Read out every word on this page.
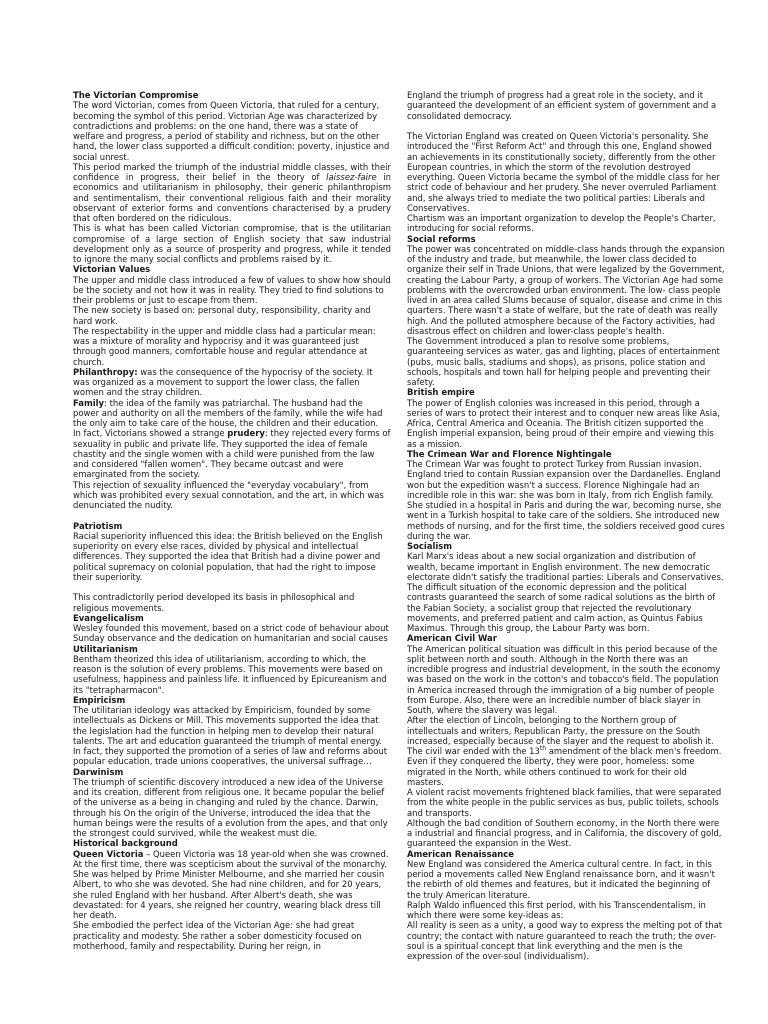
The Victorian Compromise

The word Victorian, comes from Queen Victoria, that ruled for a century, becoming the symbol of this period. Victorian Age was characterized by contradictions and problems: on the one hand, there was a state of welfare and progress, a period of stability and richness, but on the other hand, the lower class supported a difficult condition: poverty, injustice and social unrest.

This period marked the triumph of the industrial middle classes, with their confidence in progress, their belief in the theory of laissez-faire in economics and utilitarianism in philosophy, their generic philanthropism and sentimentalism, their conventional religious faith and their morality observant of exterior forms and conventions characterised by a prudery that often bordered on the ridiculous.

This is what has been called Victorian compromise, that is the utilitarian compromise of a large section of English society that saw industrial development only as a source of prosperity and progress, while it tended to ignore the many social conflicts and problems raised by it.

Victorian Values

The upper and middle class introduced a few of values to show how should be the society and not how it was in reality. They tried to find solutions to their problems or just to escape from them.

The new society is based on: personal duty, responsibility, charity and hard work.

The respectability in the upper and middle class had a particular mean: was a mixture of morality and hypocrisy and it was guaranteed just through good manners, comfortable house and regular attendance at church.

Philanthropy: was the consequence of the hypocrisy of the society. It was organized as a movement to support the lower class, the fallen women and the stray children.

Family: the idea of the family was patriarchal. The husband had the power and authority on all the members of the family, while the wife had the only aim to take care of the house, the children and their education.

In fact, Victorians showed a strange prudery: they rejected every forms of sexuality in public and private life. They supported the idea of female chastity and the single women with a child were punished from the law and considered "fallen women". They became outcast and were emarginated from the society.

This rejection of sexuality influenced the "everyday vocabulary", from which was prohibited every sexual connotation, and the art, in which was denunciated the nudity.

Patriotism

Racial superiority influenced this idea: the British believed on the English superiority on every else races, divided by physical and intellectual differences. They supported the idea that British had a divine power and political supremacy on colonial population, that had the right to impose their superiority.

This contradictorily period developed its basis in philosophical and religious movements.

Evangelicalism

Wesley founded this movement, based on a strict code of behaviour about Sunday observance and the dedication on humanitarian and social causes

Utilitarianism

Bentham theorized this idea of utilitarianism, according to which, the reason is the solution of every problems. This movements were based on usefulness, happiness and painless life. It influenced by Epicureanism and its "tetrapharmacon".

Empiricism

The utilitarian ideology was attacked by Empiricism, founded by some intellectuals as Dickens or Mill. This movements supported the idea that the legislation had the function in helping men to develop their natural talents. The art and education guaranteed the triumph of mental energy. In fact, they supported the promotion of a series of law and reforms about popular education, trade unions cooperatives, the universal suffrage…

Darwinism

The triumph of scientific discovery introduced a new idea of the Universe and its creation, different from religious one. It became popular the belief of the universe as a being in changing and ruled by the chance. Darwin, through his On the origin of the Universe, introduced the idea that the human beings were the results of a evolution from the apes, and that only the strongest could survived, while the weakest must die.

Historical background

Queen Victoria – Queen Victoria was 18 year-old when she was crowned. At the first time, there was scepticism about the survival of the monarchy. She was helped by Prime Minister Melbourne, and she married her cousin Albert, to who she was devoted. She had nine children, and for 20 years, she ruled England with her husband. After Albert's death, she was devastated: for 4 years, she reigned her country, wearing black dress till her death.

She embodied the perfect idea of the Victorian Age: she had great practicality and modesty. She rather a sober domesticity focused on motherhood, family and respectability. During her reign, in

England the triumph of progress had a great role in the society, and it guaranteed the development of an efficient system of government and a consolidated democracy.

The Victorian England was created on Queen Victoria's personality. She introduced the "First Reform Act" and through this one, England showed an achievements in its constitutionally society, differently from the other European countries, in which the storm of the revolution destroyed everything. Queen Victoria became the symbol of the middle class for her strict code of behaviour and her prudery. She never overruled Parliament and, she always tried to mediate the two political parties: Liberals and Conservatives.

Chartism was an important organization to develop the People's Charter, introducing for social reforms.

Social reforms

The power was concentrated on middle-class hands through the expansion of the industry and trade, but meanwhile, the lower class decided to organize their self in Trade Unions, that were legalized by the Government, creating the Labour Party, a group of workers. The Victorian Age had some problems with the overcrowded urban environment. The low- class people lived in an area called Slums because of squalor, disease and crime in this quarters. There wasn't a state of welfare, but the rate of death was really high. And the polluted atmosphere because of the Factory activities, had disastrous effect on children and lower-class people's health.

The Government introduced a plan to resolve some problems, guaranteeing services as water, gas and lighting, places of entertainment (pubs, music balls, stadiums and shops), as prisons, police station and schools, hospitals and town hall for helping people and preventing their safety.

British empire

The power of English colonies was increased in this period, through a series of wars to protect their interest and to conquer new areas like Asia, Africa, Central America and Oceania. The British citizen supported the English imperial expansion, being proud of their empire and viewing this as a mission.

The Crimean War and Florence Nightingale

The Crimean War was fought to protect Turkey from Russian invasion. England tried to contain Russian expansion over the Dardanelles. England won but the expedition wasn't a success. Florence Nighingale had an incredible role in this war: she was born in Italy, from rich English family. She studied in a hospital in Paris and during the war, becoming nurse, she went in a Turkish hospital to take care of the soldiers. She introduced new methods of nursing, and for the first time, the soldiers received good cures during the war.

Socialism

Karl Marx's ideas about a new social organization and distribution of wealth, became important in English environment. The new democratic electorate didn't satisfy the traditional parties: Liberals and Conservatives. The difficult situation of the economic depression and the political contrasts guaranteed the search of some radical solutions as the birth of the Fabian Society, a socialist group that rejected the revolutionary movements, and preferred patient and calm action, as Quintus Fabius Maximus. Through this group, the Labour Party was born.

American Civil War

The American political situation was difficult in this period because of the split between north and south. Although in the North there was an incredible progress and industrial development, in the south the economy was based on the work in the cotton's and tobacco's field. The population in America increased through the immigration of a big number of people from Europe. Also, there were an incredible number of black slayer in South, where the slavery was legal.

After the election of Lincoln, belonging to the Northern group of intellectuals and writers, Republican Party, the pressure on the South increased, especially because of the slayer and the request to abolish it. The civil war ended with the 13th amendment of the black men's freedom. Even if they conquered the liberty, they were poor, homeless: some migrated in the North, while others continued to work for their old masters.

A violent racist movements frightened black families, that were separated from the white people in the public services as bus, public toilets, schools and transports.

Although the bad condition of Southern economy, in the North there were a industrial and financial progress, and in California, the discovery of gold, guaranteed the expansion in the West.

American Renaissance

New England was considered the America cultural centre. In fact, in this period a movements called New England renaissance born, and it wasn't the rebirth of old themes and features, but it indicated the beginning of the truly American literature.

Ralph Waldo influenced this first period, with his Transcendentalism, in which there were some key-ideas as:

All reality is seen as a unity, a good way to express the melting pot of that country; the contact with nature guaranteed to reach the truth; the over-soul is a spiritual concept that link everything and the men is the expression of the over-soul (individualism).
